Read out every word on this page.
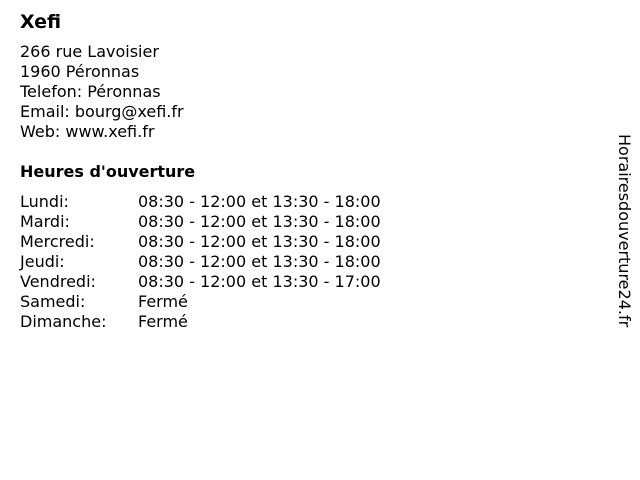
Xefi
266 rue Lavoisier
1960 Péronnas
Telefon: Péronnas
Email: bourg@xefi.fr
Web: www.xefi.fr
Heures d'ouverture
Lundi:	08:30 - 12:00 et 13:30 - 18:00
Mardi:	08:30 - 12:00 et 13:30 - 18:00
Mercredi:	08:30 - 12:00 et 13:30 - 18:00
Jeudi:	08:30 - 12:00 et 13:30 - 18:00
Vendredi:	08:30 - 12:00 et 13:30 - 17:00
Samedi:	Fermé
Dimanche:	Fermé	Horairesdouverture24.fr
